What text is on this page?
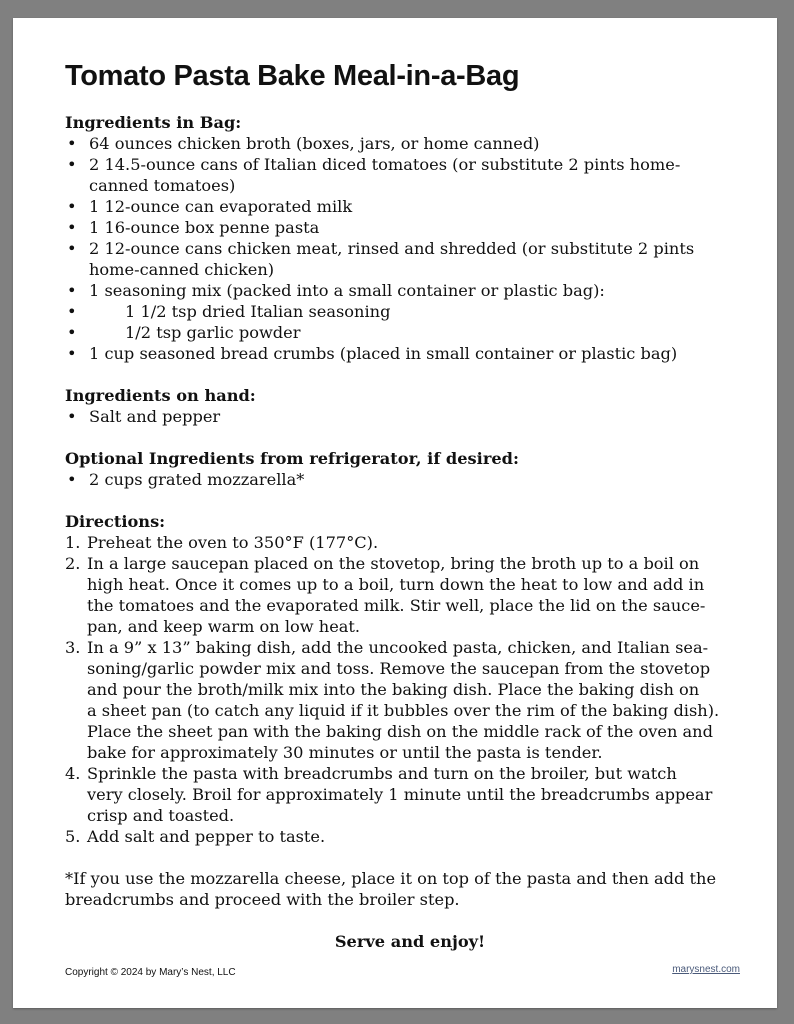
Tomato Pasta Bake Meal-in-a-Bag
Ingredients in Bag:
• 64 ounces chicken broth (boxes, jars, or home canned)
• 2 14.5-ounce cans of Italian diced tomatoes (or substitute 2 pints home-
canned tomatoes)
• 1 12-ounce can evaporated milk
• 1 16-ounce box penne pasta
• 2 12-ounce cans chicken meat, rinsed and shredded (or substitute 2 pints
home-canned chicken)
• 1 seasoning mix (packed into a small container or plastic bag):
•	1 1/2 tsp dried Italian seasoning
•	1/2 tsp garlic powder
• 1 cup seasoned bread crumbs (placed in small container or plastic bag)
Ingredients on hand:
• Salt and pepper
Optional Ingredients from refrigerator, if desired:
• 2 cups grated mozzarella*
Directions:
1. Preheat the oven to 350°F (177°C).
2. In a large saucepan placed on the stovetop, bring the broth up to a boil on
high heat. Once it comes up to a boil, turn down the heat to low and add in
the tomatoes and the evaporated milk. Stir well, place the lid on the sauce-
pan, and keep warm on low heat.
3. In a 9” x 13” baking dish, add the uncooked pasta, chicken, and Italian sea-
soning/garlic powder mix and toss. Remove the saucepan from the stovetop
and pour the broth/milk mix into the baking dish. Place the baking dish on
a sheet pan (to catch any liquid if it bubbles over the rim of the baking dish).
Place the sheet pan with the baking dish on the middle rack of the oven and
bake for approximately 30 minutes or until the pasta is tender.
4. Sprinkle the pasta with breadcrumbs and turn on the broiler, but watch
very closely. Broil for approximately 1 minute until the breadcrumbs appear
crisp and toasted.
5. Add salt and pepper to taste.
*If you use the mozzarella cheese, place it on top of the pasta and then add the
breadcrumbs and proceed with the broiler step.
Serve and enjoy!
Copyright © 2024 by Mary’s Nest, LLC	marysnest.com
